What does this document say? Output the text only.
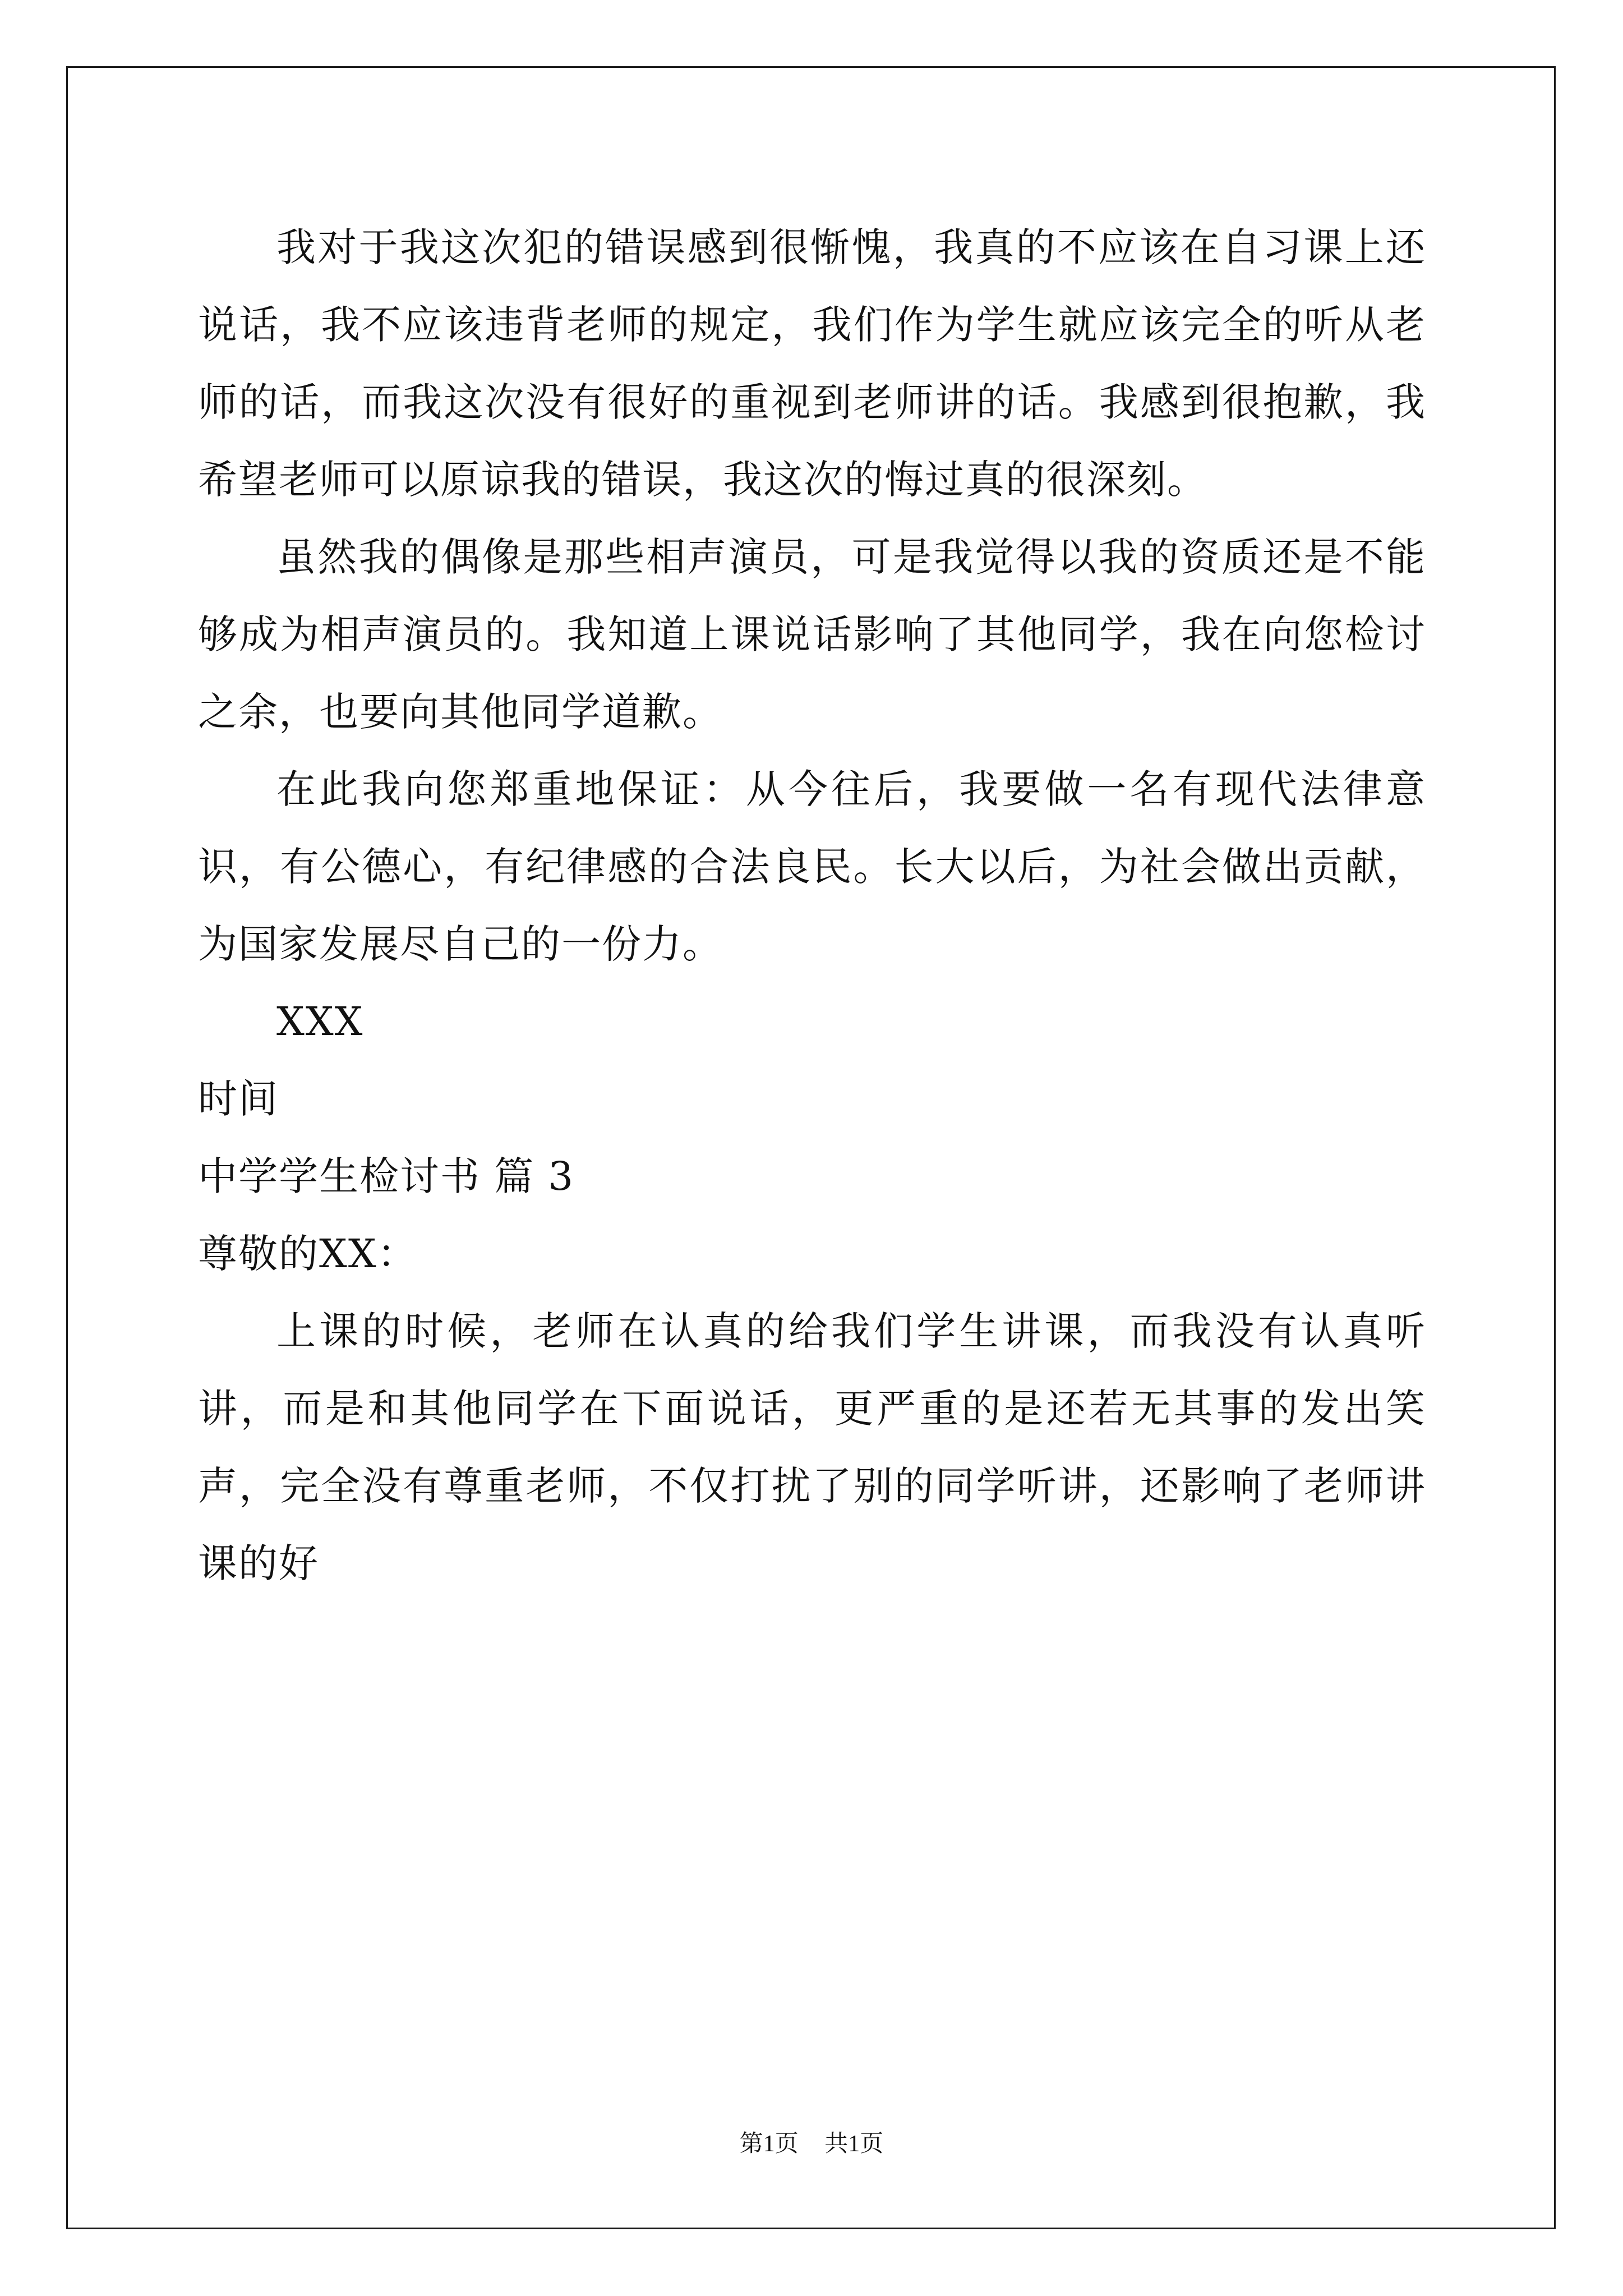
我对于我这次犯的错误感到很惭愧，我真的不应该在自习课上还说话，我不应该违背老师的规定，我们作为学生就应该完全的听从老师的话，而我这次没有很好的重视到老师讲的话。我感到很抱歉，我希望老师可以原谅我的错误，我这次的悔过真的很深刻。

虽然我的偶像是那些相声演员，可是我觉得以我的资质还是不能够成为相声演员的。我知道上课说话影响了其他同学，我在向您检讨之余，也要向其他同学道歉。

在此我向您郑重地保证：从今往后，我要做一名有现代法律意识，有公德心，有纪律感的合法良民。长大以后，为社会做出贡献，为国家发展尽自己的一份力。

XXX

时间

中学学生检讨书 篇 3

尊敬的XX：

上课的时候，老师在认真的给我们学生讲课，而我没有认真听讲，而是和其他同学在下面说话，更严重的是还若无其事的发出笑声，完全没有尊重老师，不仅打扰了别的同学听讲，还影响了老师讲课的好

第1页 共1页
